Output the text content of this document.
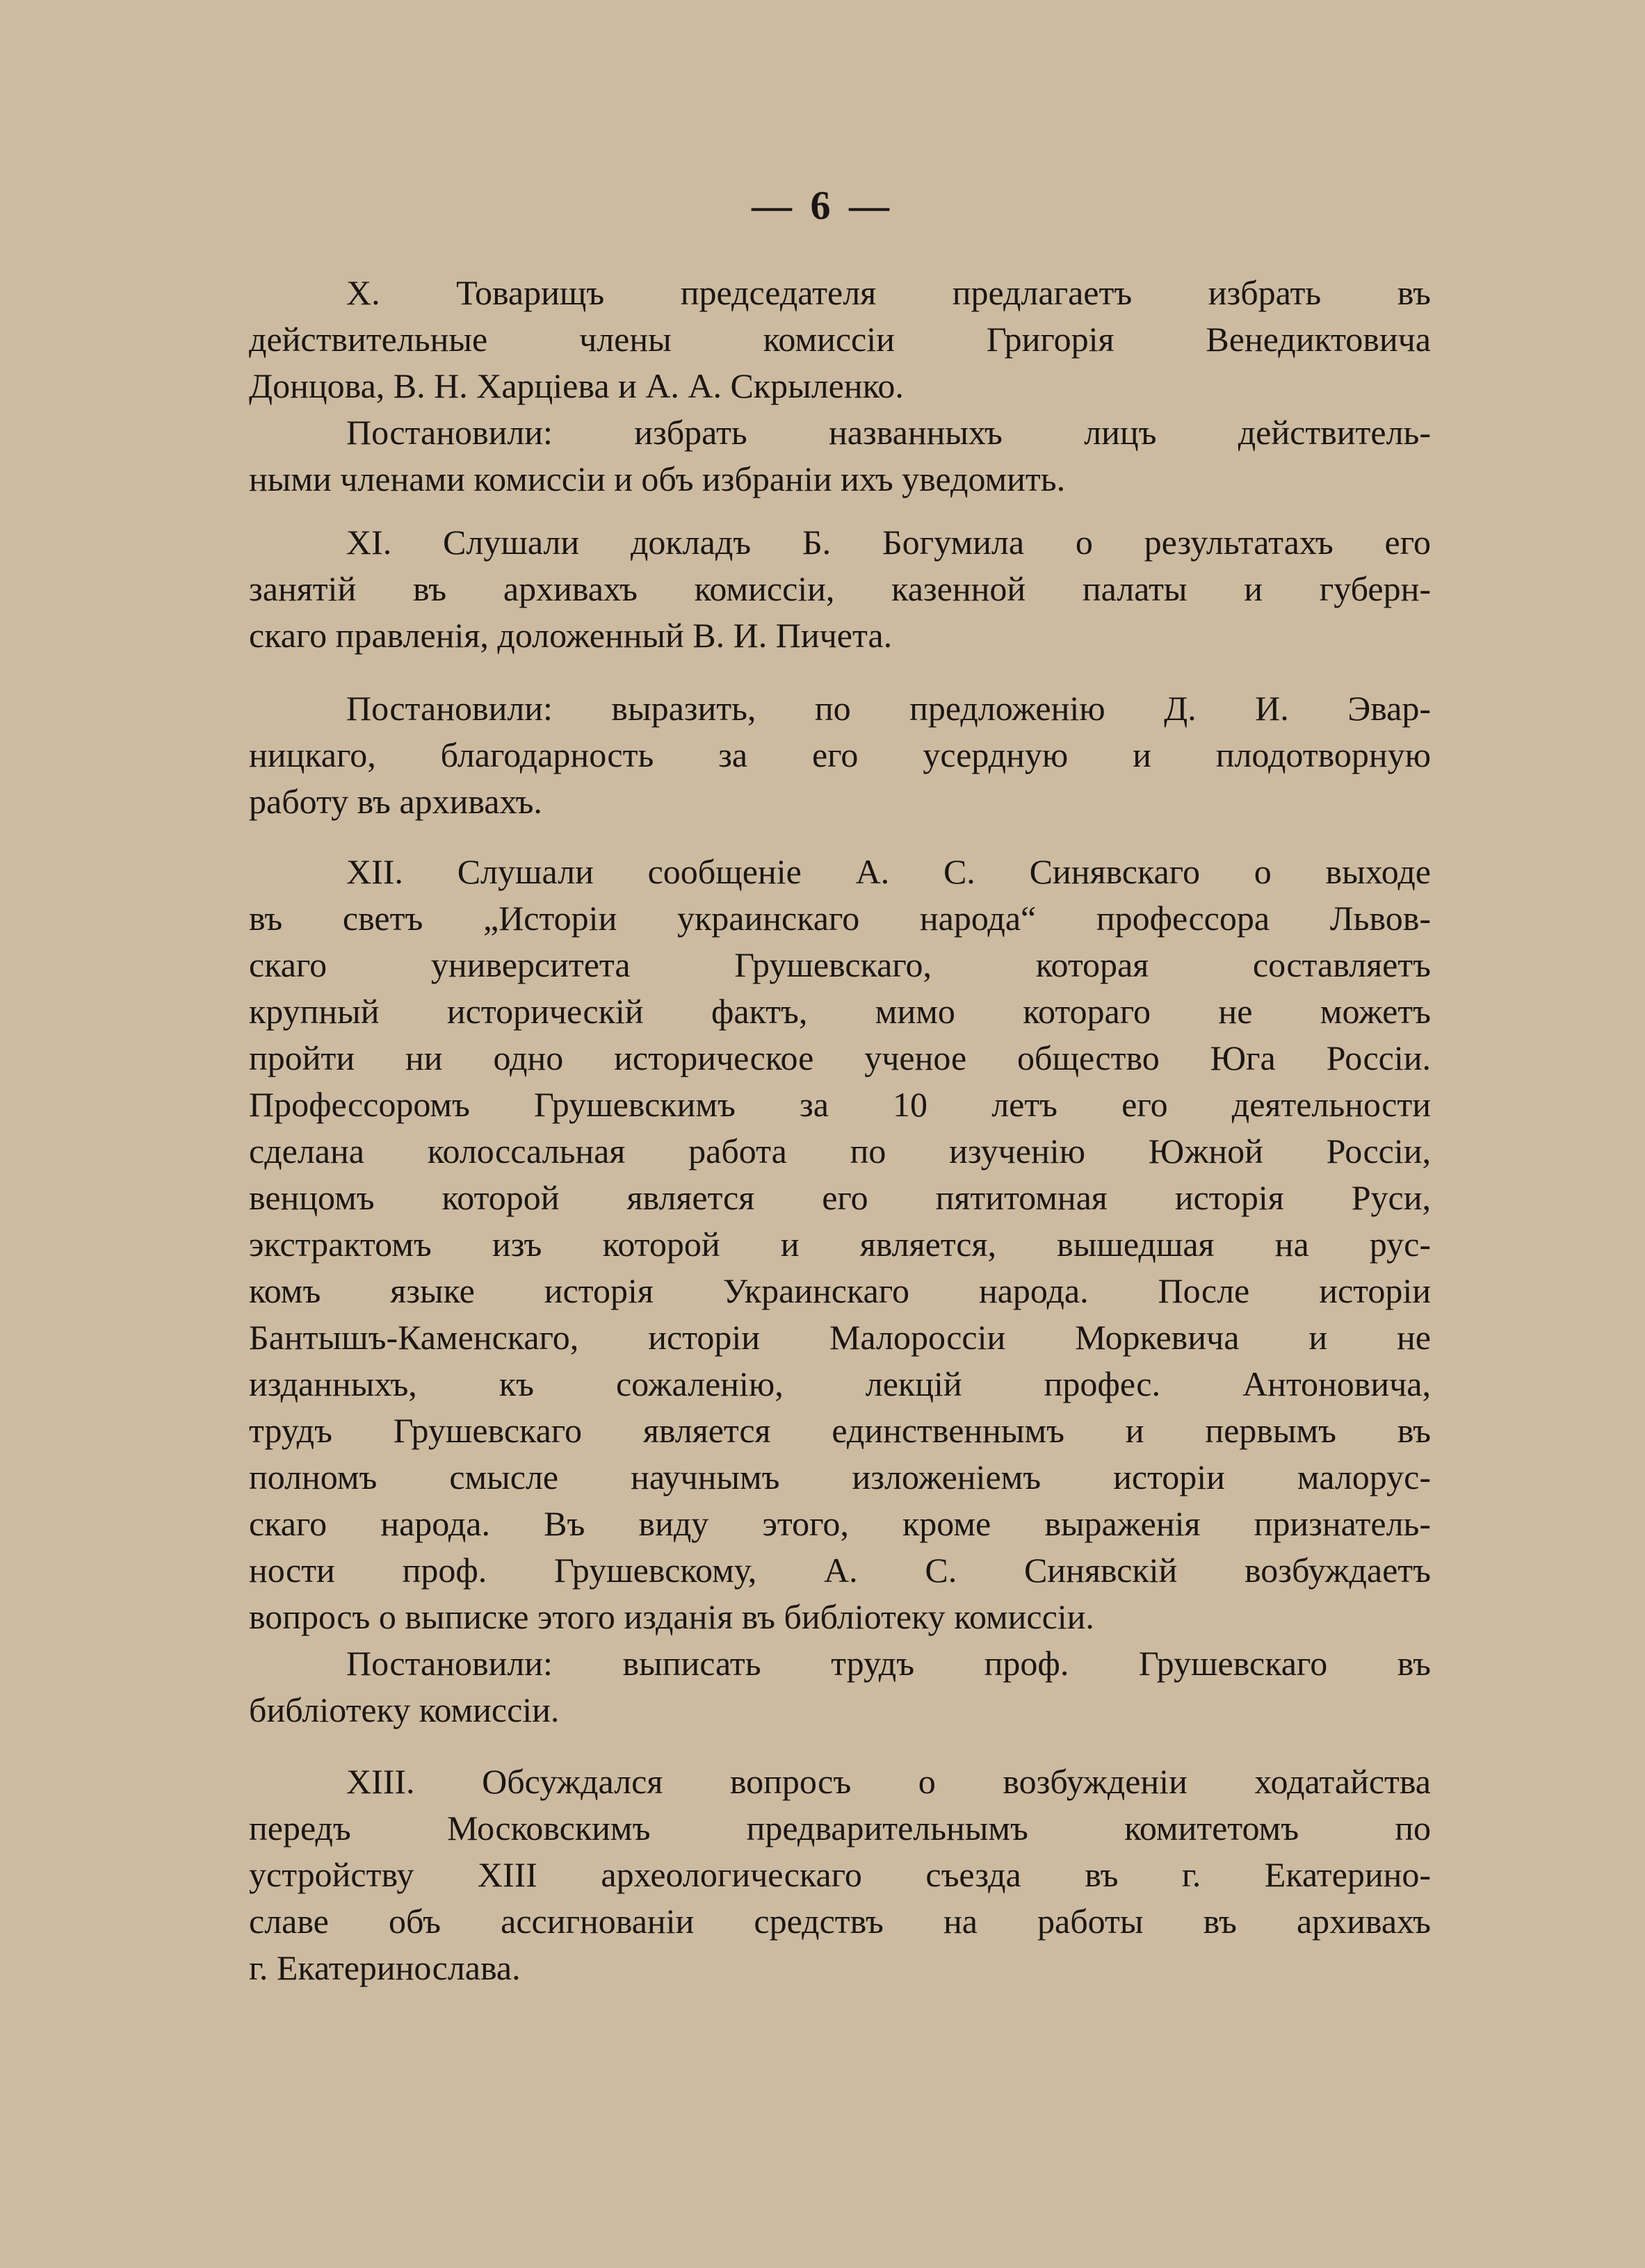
— 6 —

X. Товарищъ председателя предлагаетъ избрать въ
действительные члены комиссiи Григорiя Венедиктовича
Донцова, В. Н. Харцiева и А. А. Скрыленко.

Постановили: избрать названныхъ лицъ действитель-
ными членами комиссiи и объ избранiи ихъ уведомить.

XI. Слушали докладъ Б. Богумила о результатахъ его
занятiй въ архивахъ комиссiи, казенной палаты и губерн-
скаго правленiя, доложенный В. И. Пичета.

Постановили: выразить, по предложенiю Д. И. Эвар-
ницкаго, благодарность за его усердную и плодотворную
работу въ архивахъ.

XII. Слушали сообщенiе А. С. Синявскаго о выходе
въ светъ „Исторiи украинскаго народа“ профессора Львов-
скаго университета Грушевскаго, которая составляетъ
крупный историческiй фактъ, мимо котораго не можетъ
пройти ни одно историческое ученое общество Юга Россiи.
Профессоромъ Грушевскимъ за 10 летъ его деятельности
сделана колоссальная работа по изученiю Южной Россiи,
венцомъ которой является его пятитомная исторiя Руси,
экстрактомъ изъ которой и является, вышедшая на рус-
комъ языке исторiя Украинскаго народа. После исторiи
Бантышъ-Каменскаго, исторiи Малороссiи Моркевича и не
изданныхъ, къ сожаленiю, лекцiй профес. Антоновича,
трудъ Грушевскаго является единственнымъ и первымъ въ
полномъ смысле научнымъ изложенiемъ исторiи малорус-
скаго народа. Въ виду этого, кроме выраженiя признатель-
ности проф. Грушевскому, А. С. Синявскiй возбуждаетъ
вопросъ о выписке этого изданiя въ библiотеку комиссiи.

Постановили: выписать трудъ проф. Грушевскаго въ
библiотеку комиссiи.

XIII. Обсуждался вопросъ о возбужденiи ходатайства
передъ Московскимъ предварительнымъ комитетомъ по
устройству XIII археологическаго съезда въ г. Екатерино-
славе объ ассигнованiи средствъ на работы въ архивахъ
г. Екатеринослава.
